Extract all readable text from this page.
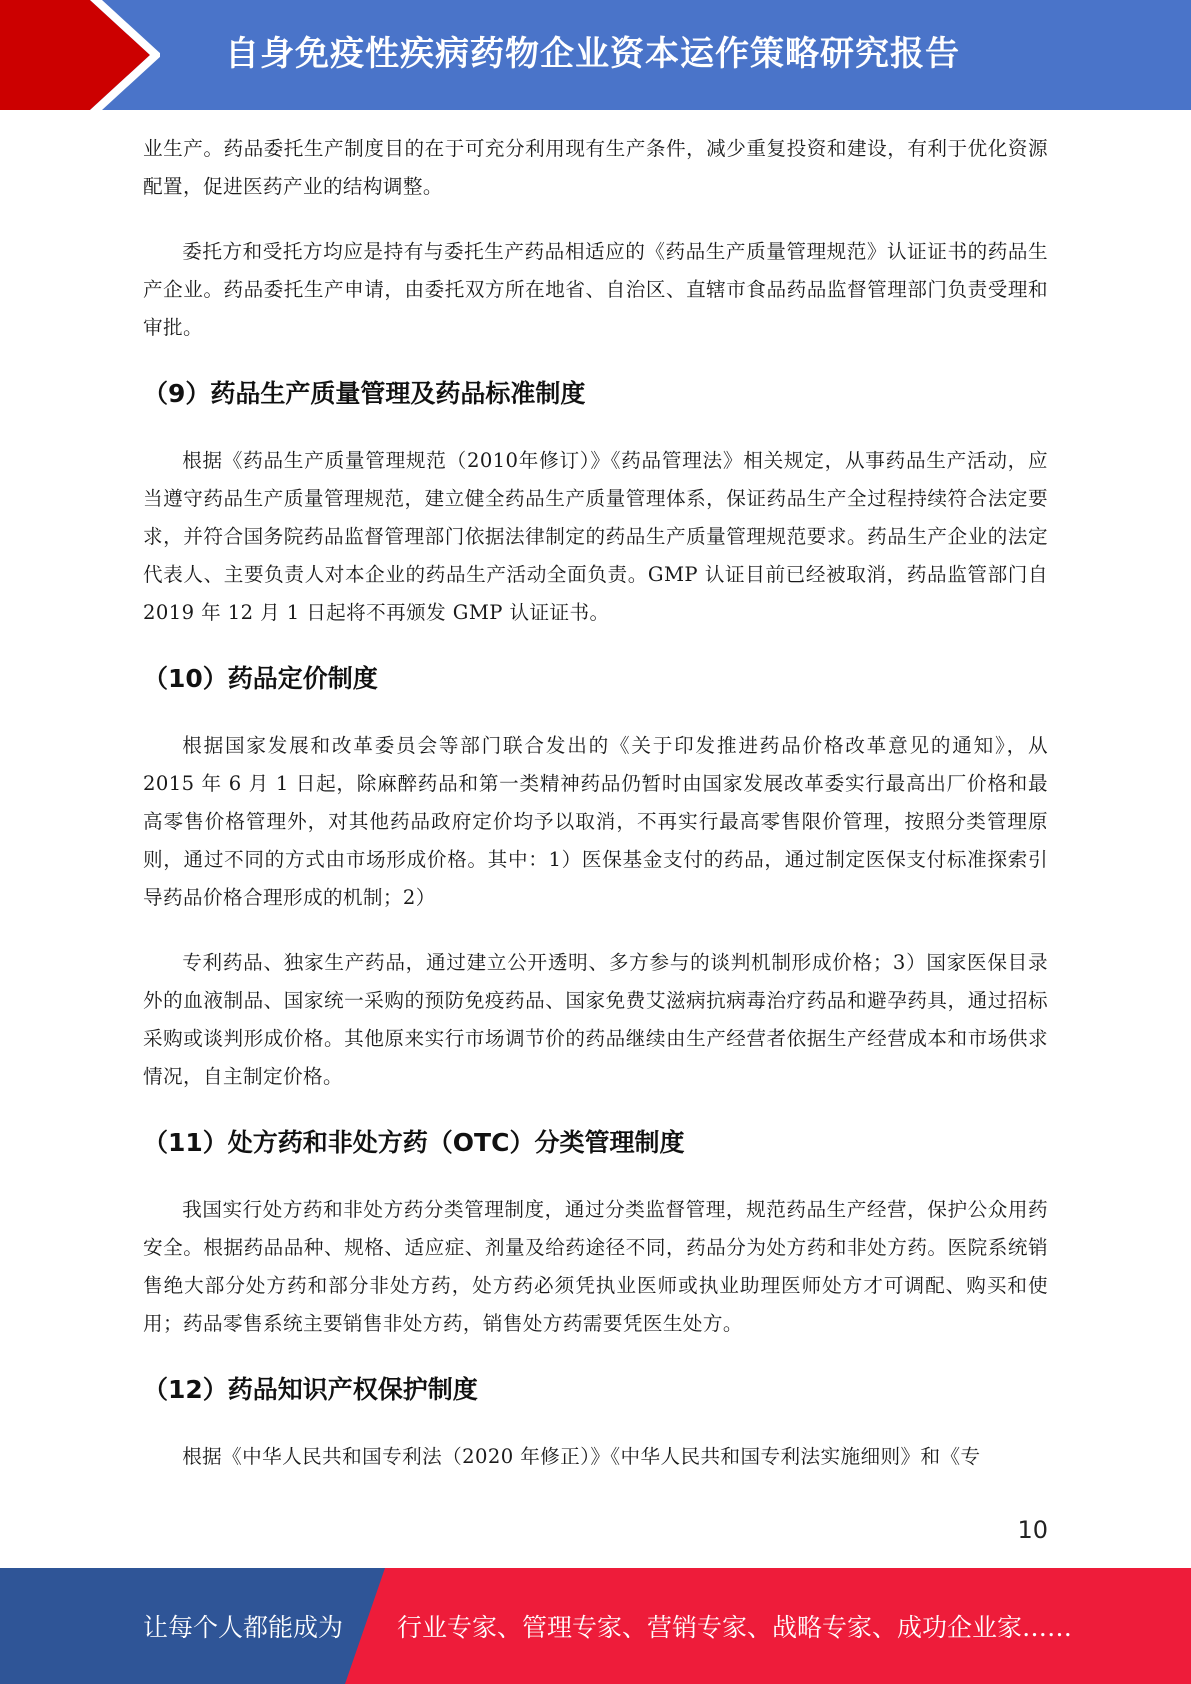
自身免疫性疾病药物企业资本运作策略研究报告

业生产。药品委托生产制度目的在于可充分利用现有生产条件，减少重复投资和建设，有利于优化资源配置，促进医药产业的结构调整。

委托方和受托方均应是持有与委托生产药品相适应的《药品生产质量管理规范》认证证书的药品生产企业。药品委托生产申请，由委托双方所在地省、自治区、直辖市食品药品监督管理部门负责受理和审批。

（9）药品生产质量管理及药品标准制度

根据《药品生产质量管理规范（2010年修订）》《药品管理法》相关规定，从事药品生产活动，应当遵守药品生产质量管理规范，建立健全药品生产质量管理体系，保证药品生产全过程持续符合法定要求，并符合国务院药品监督管理部门依据法律制定的药品生产质量管理规范要求。药品生产企业的法定代表人、主要负责人对本企业的药品生产活动全面负责。GMP 认证目前已经被取消，药品监管部门自 2019 年 12 月 1 日起将不再颁发 GMP 认证证书。

（10）药品定价制度

根据国家发展和改革委员会等部门联合发出的《关于印发推进药品价格改革意见的通知》，从 2015 年 6 月 1 日起，除麻醉药品和第一类精神药品仍暂时由国家发展改革委实行最高出厂价格和最高零售价格管理外，对其他药品政府定价均予以取消，不再实行最高零售限价管理，按照分类管理原则，通过不同的方式由市场形成价格。其中：1）医保基金支付的药品，通过制定医保支付标准探索引导药品价格合理形成的机制；2）

专利药品、独家生产药品，通过建立公开透明、多方参与的谈判机制形成价格；3）国家医保目录外的血液制品、国家统一采购的预防免疫药品、国家免费艾滋病抗病毒治疗药品和避孕药具，通过招标采购或谈判形成价格。其他原来实行市场调节价的药品继续由生产经营者依据生产经营成本和市场供求情况，自主制定价格。

（11）处方药和非处方药（OTC）分类管理制度

我国实行处方药和非处方药分类管理制度，通过分类监督管理，规范药品生产经营，保护公众用药安全。根据药品品种、规格、适应症、剂量及给药途径不同，药品分为处方药和非处方药。医院系统销售绝大部分处方药和部分非处方药，处方药必须凭执业医师或执业助理医师处方才可调配、购买和使用；药品零售系统主要销售非处方药，销售处方药需要凭医生处方。

（12）药品知识产权保护制度

根据《中华人民共和国专利法（2020 年修正）》《中华人民共和国专利法实施细则》和《专

10
让每个人都能成为 行业专家、管理专家、营销专家、战略专家、成功企业家……
